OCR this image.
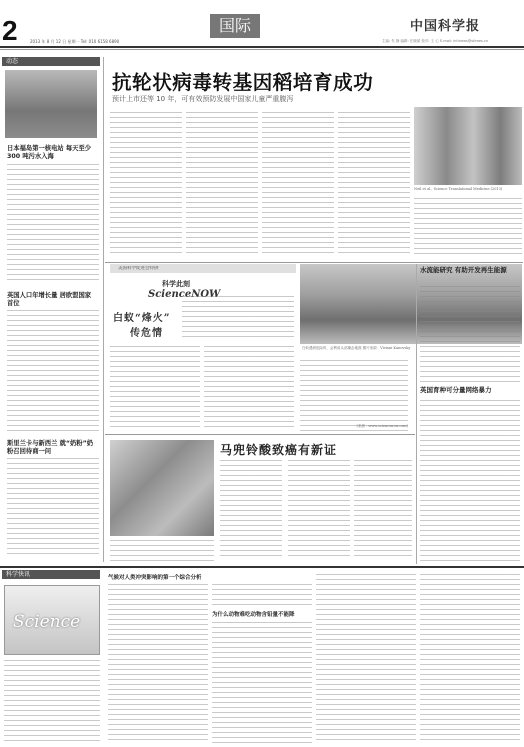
2	2013 年 8 月 12 日 星期一 Tel: 010 6158 6890
国际	中国科学报
主编: 朱 静 编辑: 任晓斌 校对: 王 心 E-mail: intlnews@stimes.cn
动态
日本福岛第一核电站 每天至少 300 吨污水入海
英国人口年增长量 居欧盟国家首位
斯里兰卡与新西兰 就“奶粉”奶粉召回待商一问
抗轮状病毒转基因稻培育成功
预计上市还等 10 年，可有效预防发展中国家儿童严重腹泻
Neil et al., Science Translational Medicine (2013)
美国科学促进会特供
科学此刻
ScienceNOW
白蚁“烽火”
传危情
白蚁遇到危险时，会利用头部撞击地面 图片来源：Viviani Kanovsky
(来源 : www.sciencenow.com)
马兜铃酸致癌有新证
水流能研究 有助开发再生能源
英国育种可分量网络暴力
科学快讯
Science
气候对人类冲突影响的第一个综合分析
为什么动物难吃动物含铅量不能降
